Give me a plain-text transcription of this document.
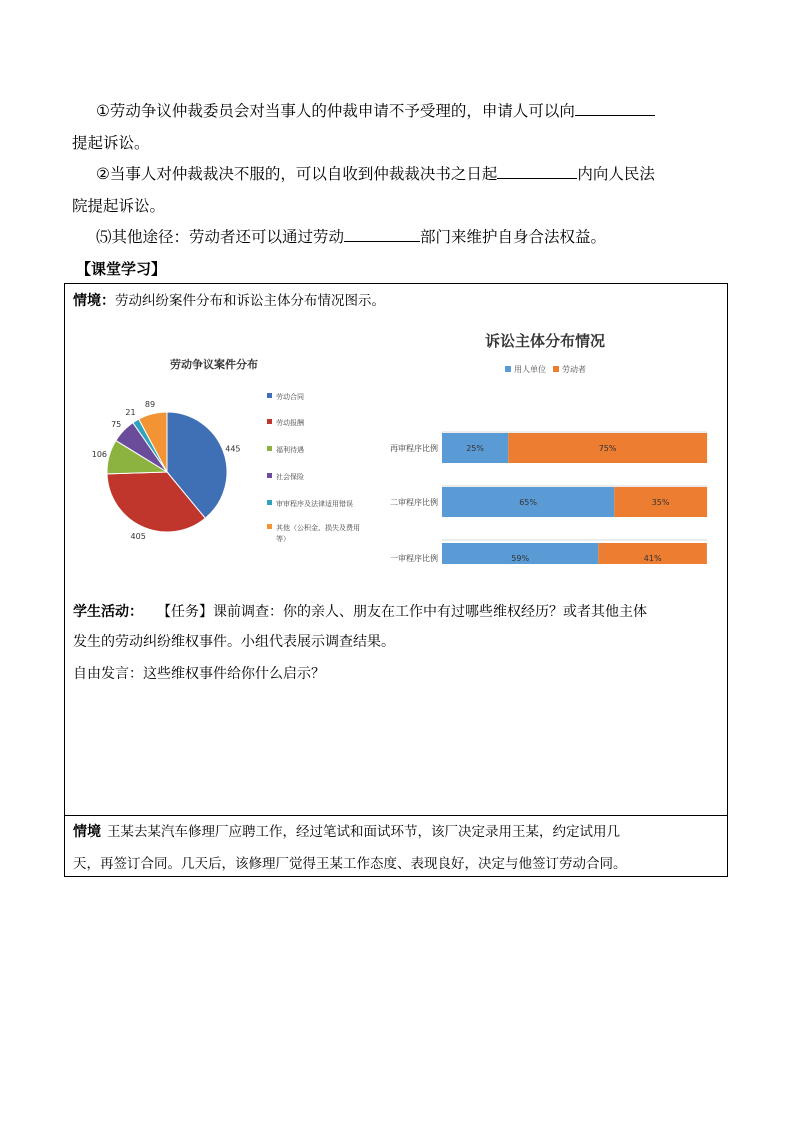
①劳动争议仲裁委员会对当事人的仲裁申请不予受理的，申请人可以向
提起诉讼。
②当事人对仲裁裁决不服的，可以自收到仲裁裁决书之日起	内向人民法
院提起诉讼。
⑸其他途径：劳动者还可以通过劳动	部门来维护自身合法权益。
【课堂学习】
情境：劳动纠纷案件分布和诉讼主体分布情况图示。
劳动争议案件分布
445
405
106
75
21
89
劳动合同
劳动报酬
福利待遇
社会保险
审审程序及法律适用错误
其他（公积金、损失及费用
等）
诉讼主体分布情况
用人单位 劳动者
再审程序比例	25%	75%
二审程序比例	65%	35%
一审程序比例	59%	41%
学生活动： 【任务】课前调查：你的亲人、朋友在工作中有过哪些维权经历？或者其他主体
发生的劳动纠纷维权事件。小组代表展示调查结果。
自由发言：这些维权事件给你什么启示？
情境 王某去某汽车修理厂应聘工作，经过笔试和面试环节，该厂决定录用王某，约定试用几
天，再签订合同。几天后，该修理厂觉得王某工作态度、表现良好，决定与他签订劳动合同。
